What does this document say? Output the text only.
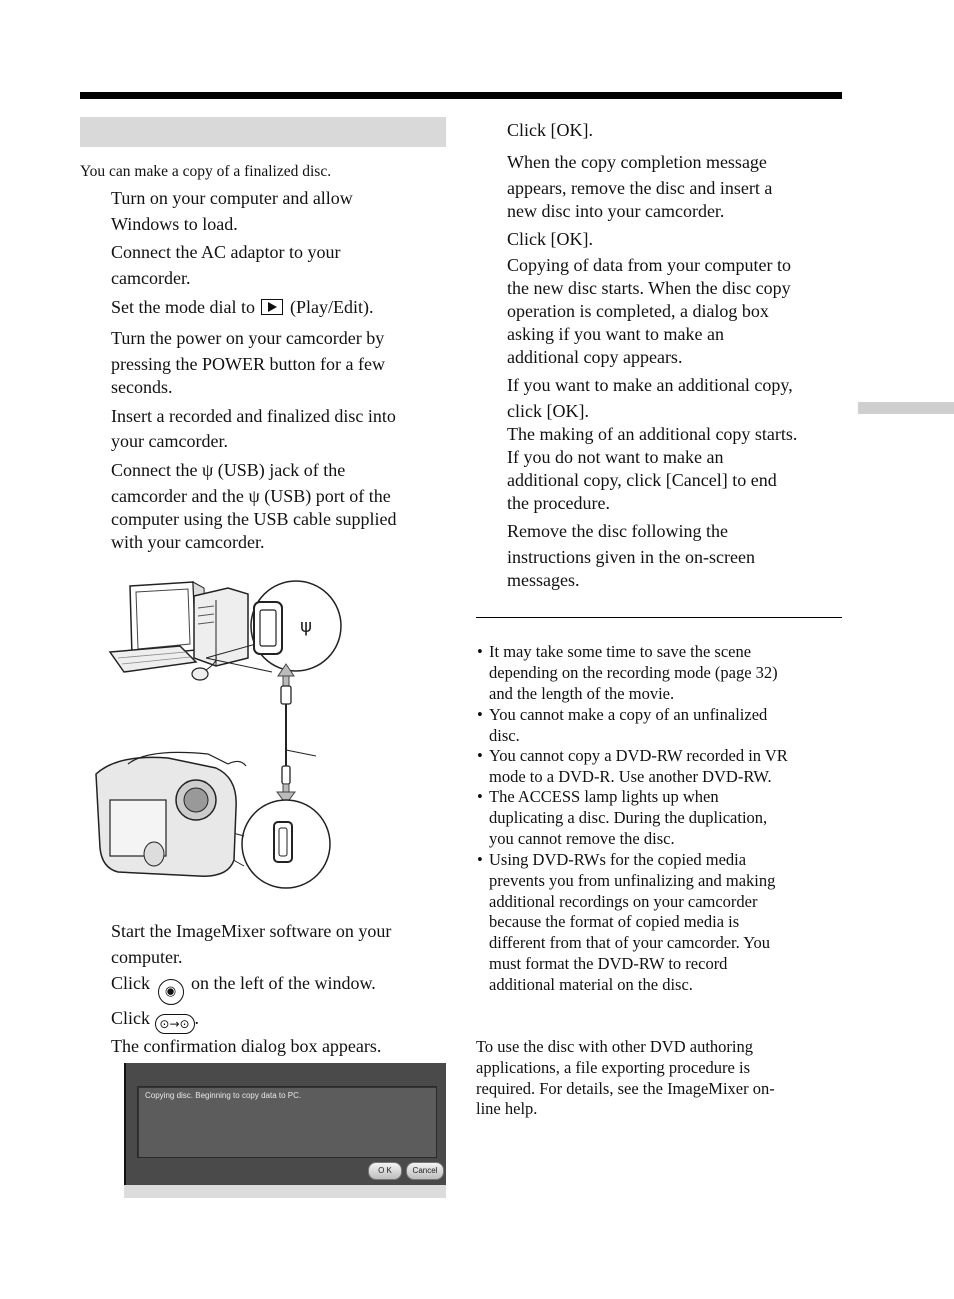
You can make a copy of a finalized disc.
Turn on your computer and allow
Windows to load.
Connect the AC adaptor to your
camcorder.
Set the mode dial to  (Play/Edit).
Turn the power on your camcorder by
pressing the POWER button for a few
seconds.
Insert a recorded and finalized disc into
your camcorder.
Connect the ψ (USB) jack of the
camcorder and the ψ (USB) port of the
computer using the USB cable supplied
with your camcorder.
ψ
Start the ImageMixer software on your
computer.
Click ◉ on the left of the window.
Click ⊙→⊙ .
The confirmation dialog box appears.
Copying disc. Beginning to copy data to PC.
O K	Cancel
Click [OK].
When the copy completion message
appears, remove the disc and insert a
new disc into your camcorder.
Click [OK].
Copying of data from your computer to
the new disc starts. When the disc copy
operation is completed, a dialog box
asking if you want to make an
additional copy appears.
If you want to make an additional copy,
click [OK].
The making of an additional copy starts.
If you do not want to make an
additional copy, click [Cancel] to end
the procedure.
Remove the disc following the
instructions given in the on-screen
messages.
• It may take some time to save the scene
depending on the recording mode (page 32)
and the length of the movie.
• You cannot make a copy of an unfinalized
disc.
• You cannot copy a DVD-RW recorded in VR
mode to a DVD-R. Use another DVD-RW.
• The ACCESS lamp lights up when
duplicating a disc. During the duplication,
you cannot remove the disc.
• Using DVD-RWs for the copied media
prevents you from unfinalizing and making
additional recordings on your camcorder
because the format of copied media is
different from that of your camcorder. You
must format the DVD-RW to record
additional material on the disc.
To use the disc with other DVD authoring
applications, a file exporting procedure is
required. For details, see the ImageMixer on-
line help.
